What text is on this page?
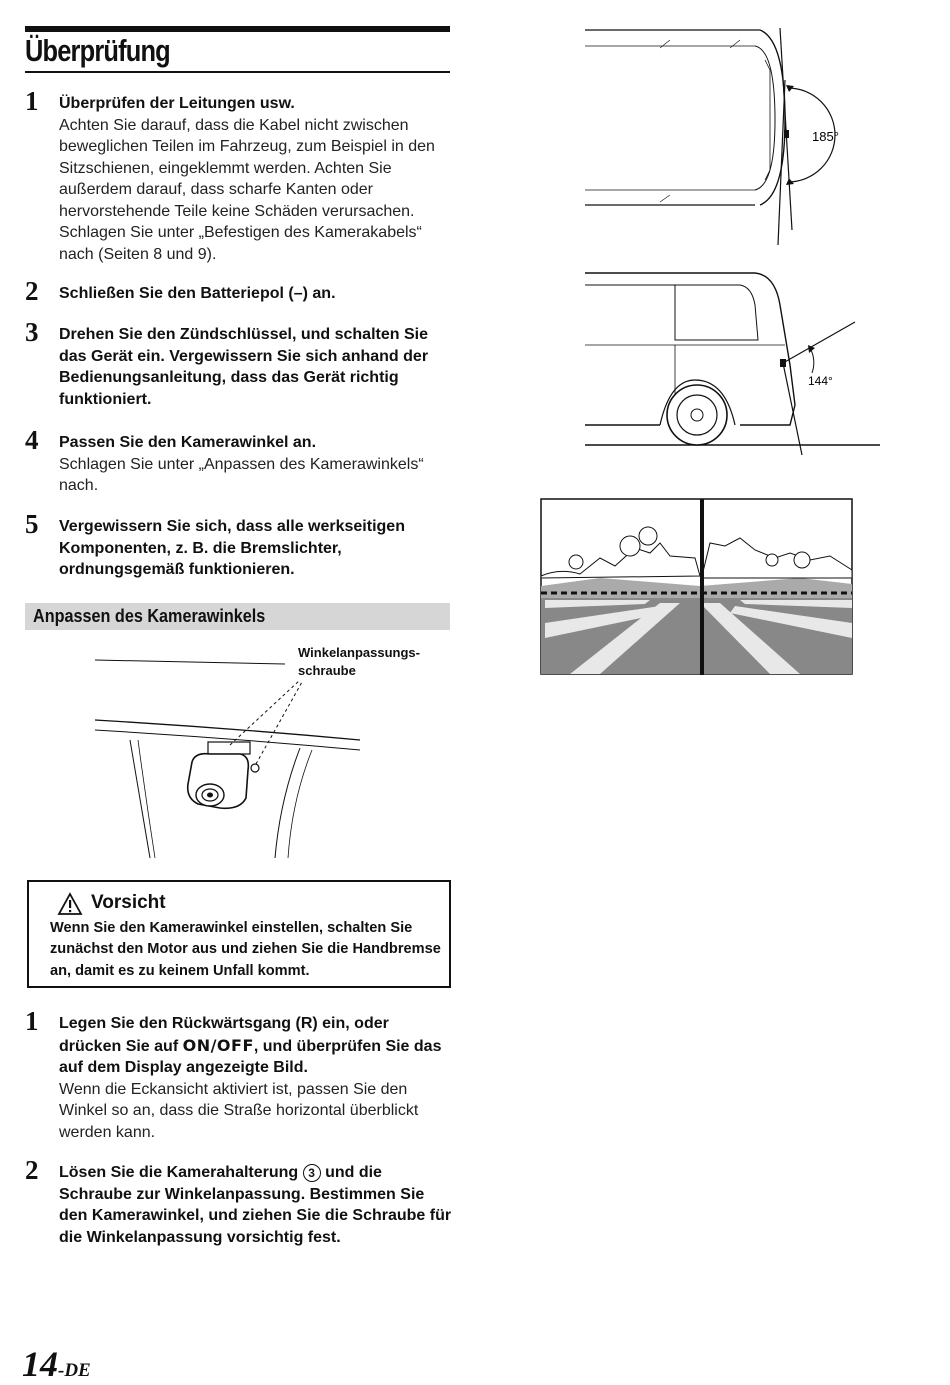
Überprüfung
1 Überprüfen der Leitungen usw.
Achten Sie darauf, dass die Kabel nicht zwischen beweglichen Teilen im Fahrzeug, zum Beispiel in den Sitzschienen, eingeklemmt werden. Achten Sie außerdem darauf, dass scharfe Kanten oder hervorstehende Teile keine Schäden verursachen. Schlagen Sie unter „Befestigen des Kamerakabels“ nach (Seiten 8 und 9).
2 Schließen Sie den Batteriepol (–) an.
3 Drehen Sie den Zündschlüssel, und schalten Sie das Gerät ein. Vergewissern Sie sich anhand der Bedienungsanleitung, dass das Gerät richtig funktioniert.
4 Passen Sie den Kamerawinkel an.
Schlagen Sie unter „Anpassen des Kamerawinkels“ nach.
5 Vergewissern Sie sich, dass alle werkseitigen Komponenten, z. B. die Bremslichter, ordnungsgemäß funktionieren.
Anpassen des Kamerawinkels
Winkelanpassungs-
schraube
Vorsicht
Wenn Sie den Kamerawinkel einstellen, schalten Sie zunächst den Motor aus und ziehen Sie die Handbremse an, damit es zu keinem Unfall kommt.
1 Legen Sie den Rückwärtsgang (R) ein, oder drücken Sie auf ON/OFF, und überprüfen Sie das auf dem Display angezeigte Bild.
Wenn die Eckansicht aktiviert ist, passen Sie den Winkel so an, dass die Straße horizontal überblickt werden kann.
2 Lösen Sie die Kamerahalterung 3 und die Schraube zur Winkelanpassung. Bestimmen Sie den Kamerawinkel, und ziehen Sie die Schraube für die Winkelanpassung vorsichtig fest.
14-DE
185°
144°
